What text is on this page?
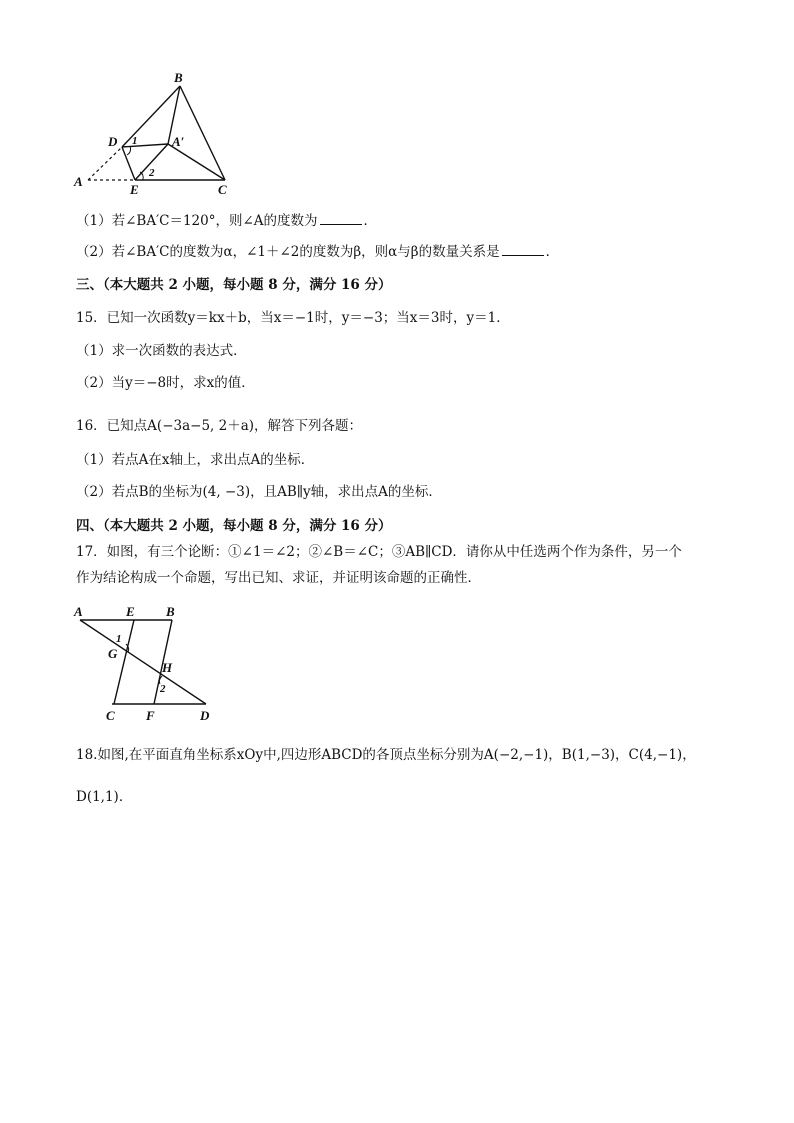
A
B
C
D
E
A′
1
2
（1）若∠BA′C＝120°，则∠A的度数为	．
（2）若∠BA′C的度数为α，∠1＋∠2的度数为β，则α与β的数量关系是	．
三、（本大题共 2 小题，每小题 8 分，满分 16 分）
15．已知一次函数y＝kx＋b，当x＝−1时，y＝−3；当x＝3时，y＝1．
（1）求一次函数的表达式．
（2）当y＝−8时，求x的值．
16．已知点A(−3a−5, 2＋a)，解答下列各题：
（1）若点A在x轴上，求出点A的坐标．
（2）若点B的坐标为(4, −3)，且AB∥y轴，求出点A的坐标．
四、（本大题共 2 小题，每小题 8 分，满分 16 分）
17．如图，有三个论断：①∠1＝∠2；②∠B＝∠C；③AB∥CD．请你从中任选两个作为条件，另一个
作为结论构成一个命题，写出已知、求证，并证明该命题的正确性．
A	E B
G
H
C F	D
1
2
18.如图,在平面直角坐标系xOy中,四边形ABCD的各顶点坐标分别为A(−2,−1)，B(1,−3)，C(4,−1)，
D(1,1)．
